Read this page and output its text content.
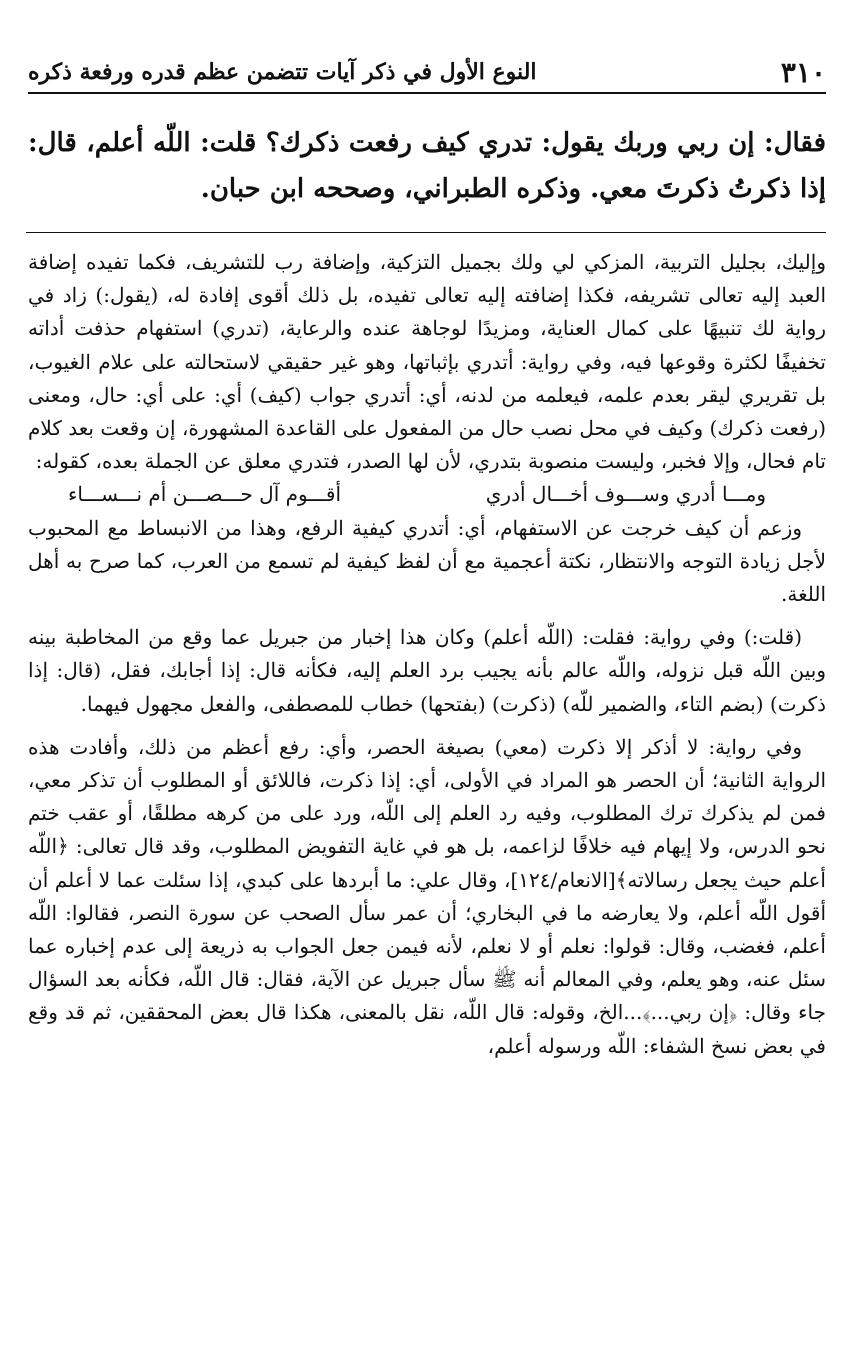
٣١٠
النوع الأول في ذكر آيات تتضمن عظم قدره ورفعة ذكره
فقال: إن ربي وربك يقول: تدري كيف رفعت ذكرك؟ قلت: اللّه أعلم، قال: إذا ذكرتُ ذكرتَ معي. وذكره الطبراني، وصححه ابن حبان.

وإليك، بجليل التربية، المزكي لي ولك بجميل التزكية، وإضافة رب للتشريف، فكما تفيده إضافة العبد إليه تعالى تشريفه، فكذا إضافته إليه تعالى تفيده، بل ذلك أقوى إفادة له، (يقول:) زاد في رواية لك تنبيهًا على كمال العناية، ومزيدًا لوجاهة عنده والرعاية، (تدري) استفهام حذفت أداته تخفيفًا لكثرة وقوعها فيه، وفي رواية: أتدري بإثباتها، وهو غير حقيقي لاستحالته على علام الغيوب، بل تقريري ليقر بعدم علمه، فيعلمه من لدنه، أي: أتدري جواب (كيف) أي: على أي: حال، ومعنى (رفعت ذكرك) وكيف في محل نصب حال من المفعول على القاعدة المشهورة، إن وقعت بعد كلام تام فحال، وإلا فخبر، وليست منصوبة بتدري، لأن لها الصدر، فتدري معلق عن الجملة بعده، كقوله:

ومـــا أدري وســـوف أخـــال أدري
أقـــوم آل حـــصـــن أم نـــســـاء

وزعم أن كيف خرجت عن الاستفهام، أي: أتدري كيفية الرفع، وهذا من الانبساط مع المحبوب لأجل زيادة التوجه والانتظار، نكتة أعجمية مع أن لفظ كيفية لم تسمع من العرب، كما صرح به أهل اللغة.

(قلت:) وفي رواية: فقلت: (اللّه أعلم) وكان هذا إخبار من جبريل عما وقع من المخاطبة بينه وبين اللّه قبل نزوله، واللّه عالم بأنه يجيب برد العلم إليه، فكأنه قال: إذا أجابك، فقل، (قال: إذا ذكرت) (بضم التاء، والضمير للّه) (ذكرت) (بفتحها) خطاب للمصطفى، والفعل مجهول فيهما.

وفي رواية: لا أذكر إلا ذكرت (معي) بصيغة الحصر، وأي: رفع أعظم من ذلك، وأفادت هذه الرواية الثانية؛ أن الحصر هو المراد في الأولى، أي: إذا ذكرت، فاللائق أو المطلوب أن تذكر معي، فمن لم يذكرك ترك المطلوب، وفيه رد العلم إلى اللّه، ورد على من كرهه مطلقًا، أو عقب ختم نحو الدرس، ولا إيهام فيه خلافًا لزاعمه، بل هو في غاية التفويض المطلوب، وقد قال تعالى: ﴿اللّه أعلم حيث يجعل رسالاته﴾[الانعام/١٢٤]، وقال علي: ما أبردها على كبدي، إذا سئلت عما لا أعلم أن أقول اللّه أعلم، ولا يعارضه ما في البخاري؛ أن عمر سأل الصحب عن سورة النصر، فقالوا: اللّه أعلم، فغضب، وقال: قولوا: نعلم أو لا نعلم، لأنه فيمن جعل الجواب به ذريعة إلى عدم إخباره عما سئل عنه، وهو يعلم، وفي المعالم أنه ﷺ سأل جبريل عن الآية، فقال: قال اللّه، فكأنه بعد السؤال جاء وقال: ﴿إن ربي...﴾...الخ، وقوله: قال اللّه، نقل بالمعنى، هكذا قال بعض المحققين، ثم قد وقع في بعض نسخ الشفاء: اللّه ورسوله أعلم،
